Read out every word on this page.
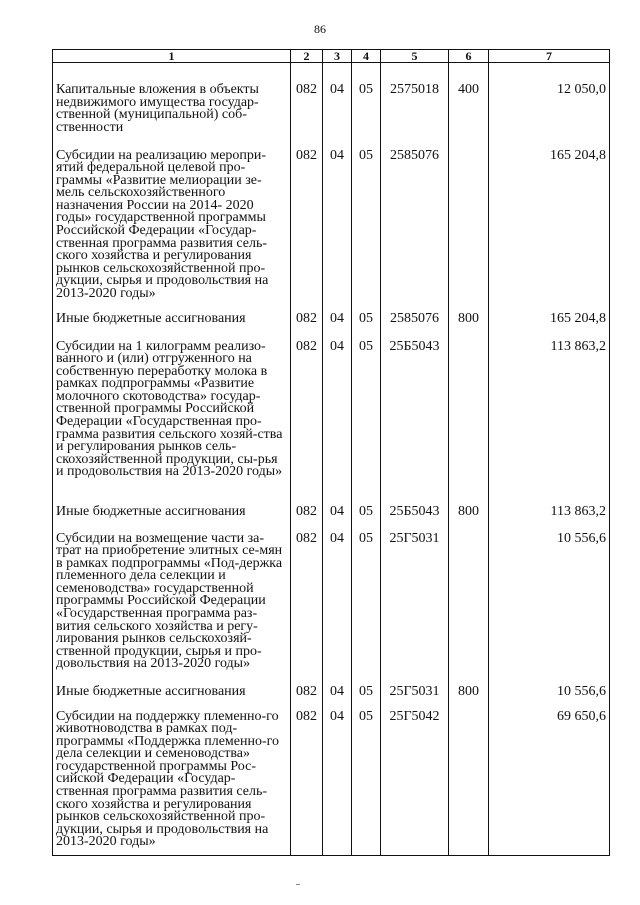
86
1	2	3	4	5	6	7
Капитальные вложения в объекты недвижимого имущества государ-ственной (муниципальной) соб-ственности	082	04	05	2575018	400	12 050,0
Субсидии на реализацию меропри-ятий федеральной целевой про-граммы «Развитие мелиорации зе-мель сельскохозяйственного назначения России на 2014- 2020 годы» государственной программы Российской Федерации «Государ-ственная программа развития сель-ского хозяйства и регулирования рынков сельскохозяйственной про-дукции, сырья и продовольствия на 2013-2020 годы»	082	04	05	2585076		165 204,8
Иные бюджетные ассигнования	082	04	05	2585076	800	165 204,8
Субсидии на 1 килограмм реализо-ванного и (или) отгруженного на собственную переработку молока в рамках подпрограммы «Развитие молочного скотоводства» государ-ственной программы Российской Федерации «Государственная про-грамма развития сельского хозяй-ства и регулирования рынков сель-скохозяйственной продукции, сы-рья и продовольствия на 2013-2020 годы»	082	04	05	25Б5043		113 863,2
Иные бюджетные ассигнования	082	04	05	25Б5043	800	113 863,2
Субсидии на возмещение части за-трат на приобретение элитных се-мян в рамках подпрограммы «Под-держка племенного дела селекции и семеноводства» государственной программы Российской Федерации «Государственная программа раз-вития сельского хозяйства и регу-лирования рынков сельскохозяй-ственной продукции, сырья и про-довольствия на 2013-2020 годы»	082	04	05	25Г5031		10 556,6
Иные бюджетные ассигнования	082	04	05	25Г5031	800	10 556,6
Субсидии на поддержку племенно-го животноводства в рамках под-программы «Поддержка племенно-го дела селекции и семеноводства» государственной программы Рос-сийской Федерации «Государ-ственная программа развития сель-ского хозяйства и регулирования рынков сельскохозяйственной про-дукции, сырья и продовольствия на 2013-2020 годы»	082	04	05	25Г5042		69 650,6
